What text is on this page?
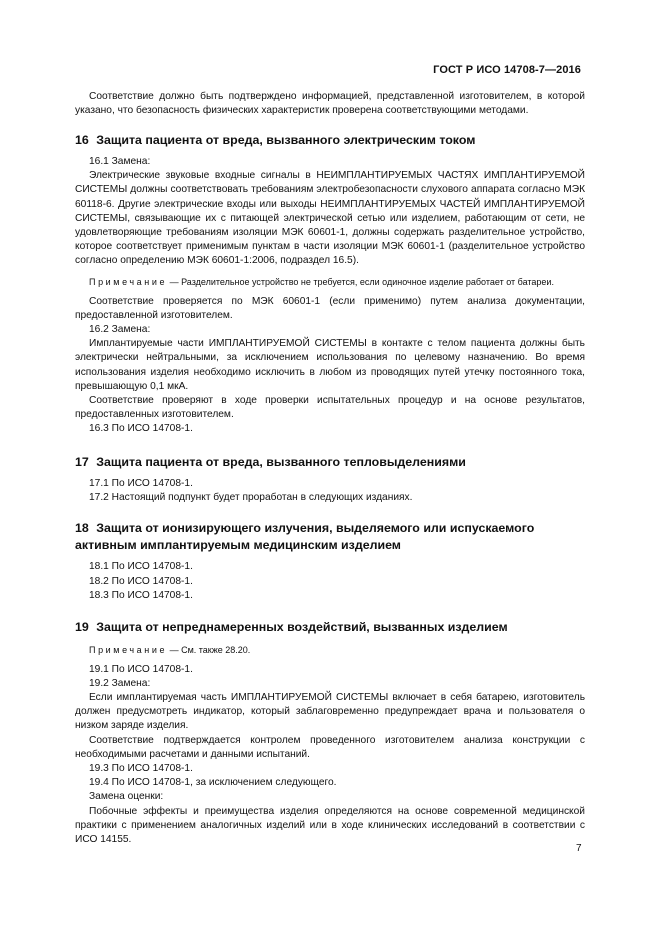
ГОСТ Р ИСО 14708-7—2016

Соответствие должно быть подтверждено информацией, представленной изготовителем, в которой указано, что безопасность физических характеристик проверена соответствующими методами.

16 Защита пациента от вреда, вызванного электрическим током

16.1 Замена:

Электрические звуковые входные сигналы в НЕИМПЛАНТИРУЕМЫХ ЧАСТЯХ ИМПЛАНТИРУЕМОЙ СИСТЕМЫ должны соответствовать требованиям электробезопасности слухового аппарата согласно МЭК 60118-6. Другие электрические входы или выходы НЕИМПЛАНТИРУЕМЫХ ЧАСТЕЙ ИМПЛАНТИРУЕМОЙ СИСТЕМЫ, связывающие их с питающей электрической сетью или изделием, работающим от сети, не удовлетворяющие требованиям изоляции МЭК 60601-1, должны содержать разделительное устройство, которое соответствует применимым пунктам в части изоляции МЭК 60601-1 (разделительное устройство согласно определению МЭК 60601-1:2006, подраздел 16.5).

Примечание — Разделительное устройство не требуется, если одиночное изделие работает от батареи.

Соответствие проверяется по МЭК 60601-1 (если применимо) путем анализа документации, предоставленной изготовителем.

16.2 Замена:

Имплантируемые части ИМПЛАНТИРУЕМОЙ СИСТЕМЫ в контакте с телом пациента должны быть электрически нейтральными, за исключением использования по целевому назначению. Во время использования изделия необходимо исключить в любом из проводящих путей утечку постоянного тока, превышающую 0,1 мкА.

Соответствие проверяют в ходе проверки испытательных процедур и на основе результатов, предоставленных изготовителем.

16.3 По ИСО 14708-1.

17 Защита пациента от вреда, вызванного тепловыделениями

17.1 По ИСО 14708-1.

17.2 Настоящий подпункт будет проработан в следующих изданиях.

18 Защита от ионизирующего излучения, выделяемого или испускаемого
активным имплантируемым медицинским изделием

18.1 По ИСО 14708-1.

18.2 По ИСО 14708-1.

18.3 По ИСО 14708-1.

19 Защита от непреднамеренных воздействий, вызванных изделием

Примечание — См. также 28.20.

19.1 По ИСО 14708-1.

19.2 Замена:

Если имплантируемая часть ИМПЛАНТИРУЕМОЙ СИСТЕМЫ включает в себя батарею, изготовитель должен предусмотреть индикатор, который заблаговременно предупреждает врача и пользователя о низком заряде изделия.

Соответствие подтверждается контролем проведенного изготовителем анализа конструкции с необходимыми расчетами и данными испытаний.

19.3 По ИСО 14708-1.

19.4 По ИСО 14708-1, за исключением следующего.

Замена оценки:

Побочные эффекты и преимущества изделия определяются на основе современной медицинской практики с применением аналогичных изделий или в ходе клинических исследований в соответствии с ИСО 14155.

7
